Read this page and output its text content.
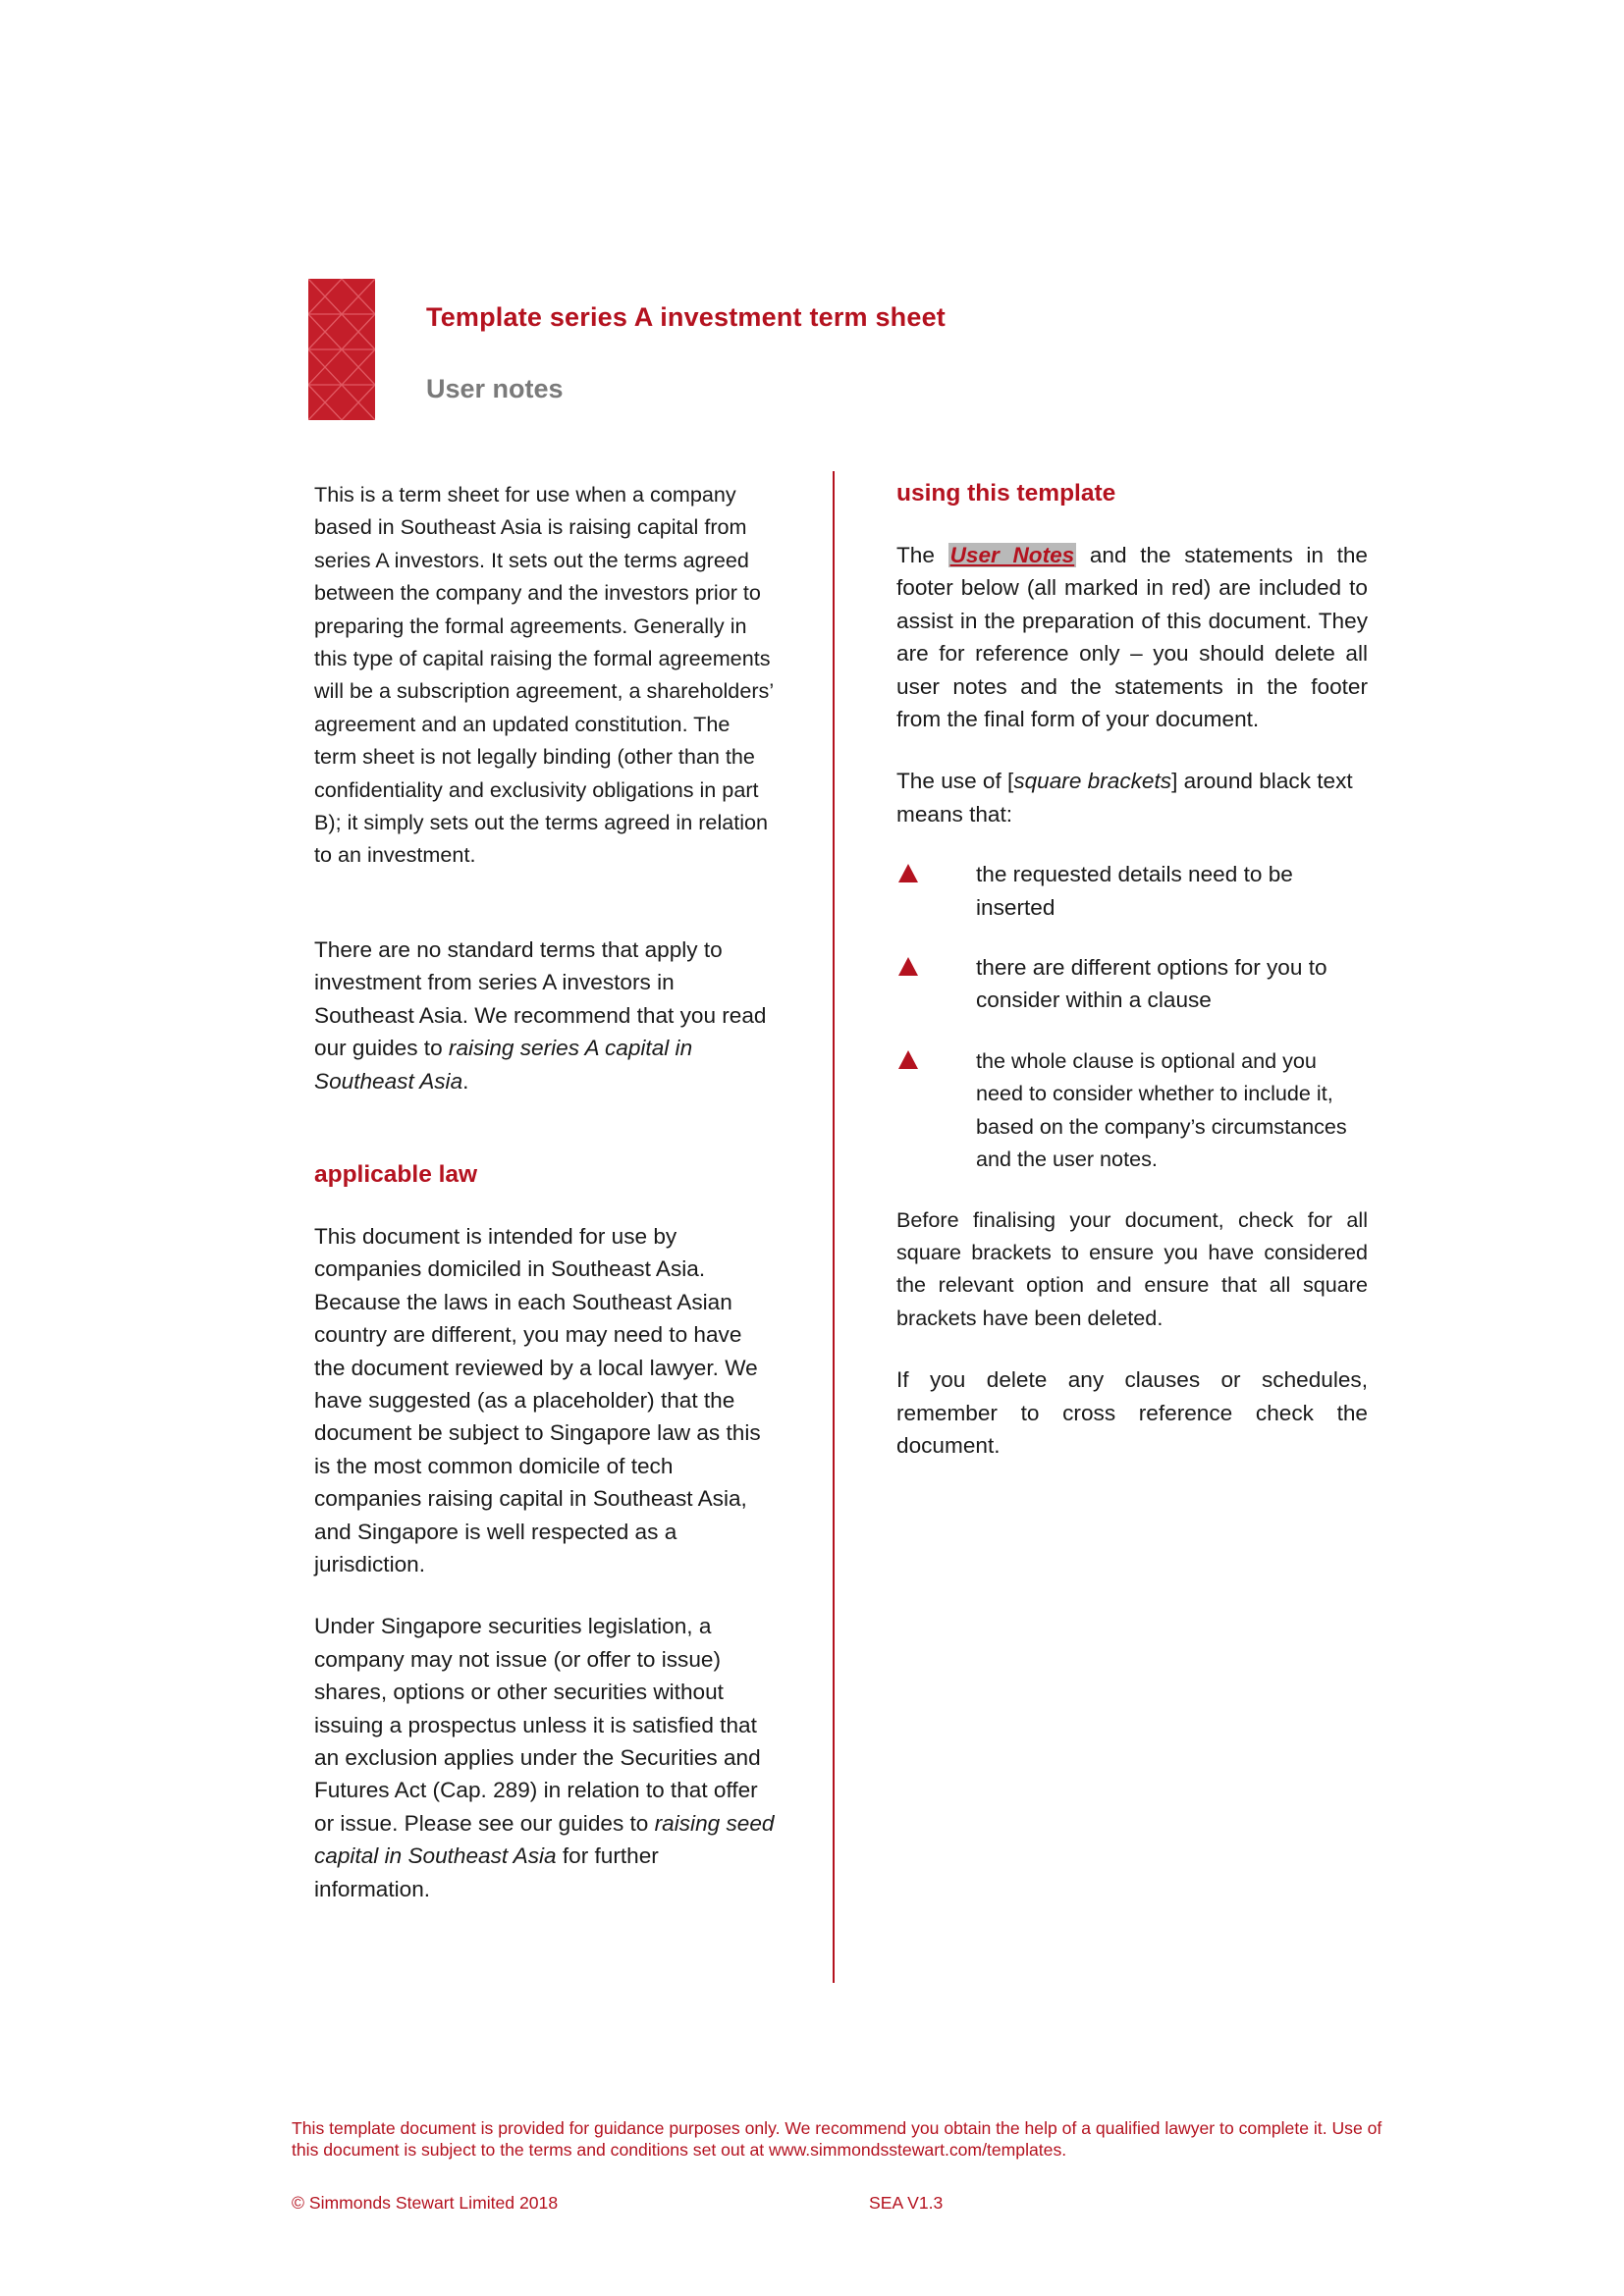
Template series A investment term sheet
User notes

This is a term sheet for use when a company based in Southeast Asia is raising capital from series A investors. It sets out the terms agreed between the company and the investors prior to preparing the formal agreements. Generally in this type of capital raising the formal agreements will be a subscription agreement, a shareholders’ agreement and an updated constitution. The term sheet is not legally binding (other than the confidentiality and exclusivity obligations in part B); it simply sets out the terms agreed in relation to an investment.

There are no standard terms that apply to investment from series A investors in Southeast Asia. We recommend that you read our guides to raising series A capital in Southeast Asia.

applicable law

This document is intended for use by companies domiciled in Southeast Asia. Because the laws in each Southeast Asian country are different, you may need to have the document reviewed by a local lawyer. We have suggested (as a placeholder) that the document be subject to Singapore law as this is the most common domicile of tech companies raising capital in Southeast Asia, and Singapore is well respected as a jurisdiction.

Under Singapore securities legislation, a company may not issue (or offer to issue) shares, options or other securities without issuing a prospectus unless it is satisfied that an exclusion applies under the Securities and Futures Act (Cap. 289) in relation to that offer or issue. Please see our guides to raising seed capital in Southeast Asia for further information.

using this template

The User Notes and the statements in the footer below (all marked in red) are included to assist in the preparation of this document. They are for reference only – you should delete all user notes and the statements in the footer from the final form of your document.

The use of [square brackets] around black text means that:

the requested details need to be inserted
there are different options for you to consider within a clause
the whole clause is optional and you need to consider whether to include it, based on the company’s circumstances and the user notes.

Before finalising your document, check for all square brackets to ensure you have considered the relevant option and ensure that all square brackets have been deleted.

If you delete any clauses or schedules, remember to cross reference check the document.

This template document is provided for guidance purposes only. We recommend you obtain the help of a qualified lawyer to complete it. Use of this document is subject to the terms and conditions set out at www.simmondsstewart.com/templates.
© Simmonds Stewart Limited 2018	SEA V1.3
